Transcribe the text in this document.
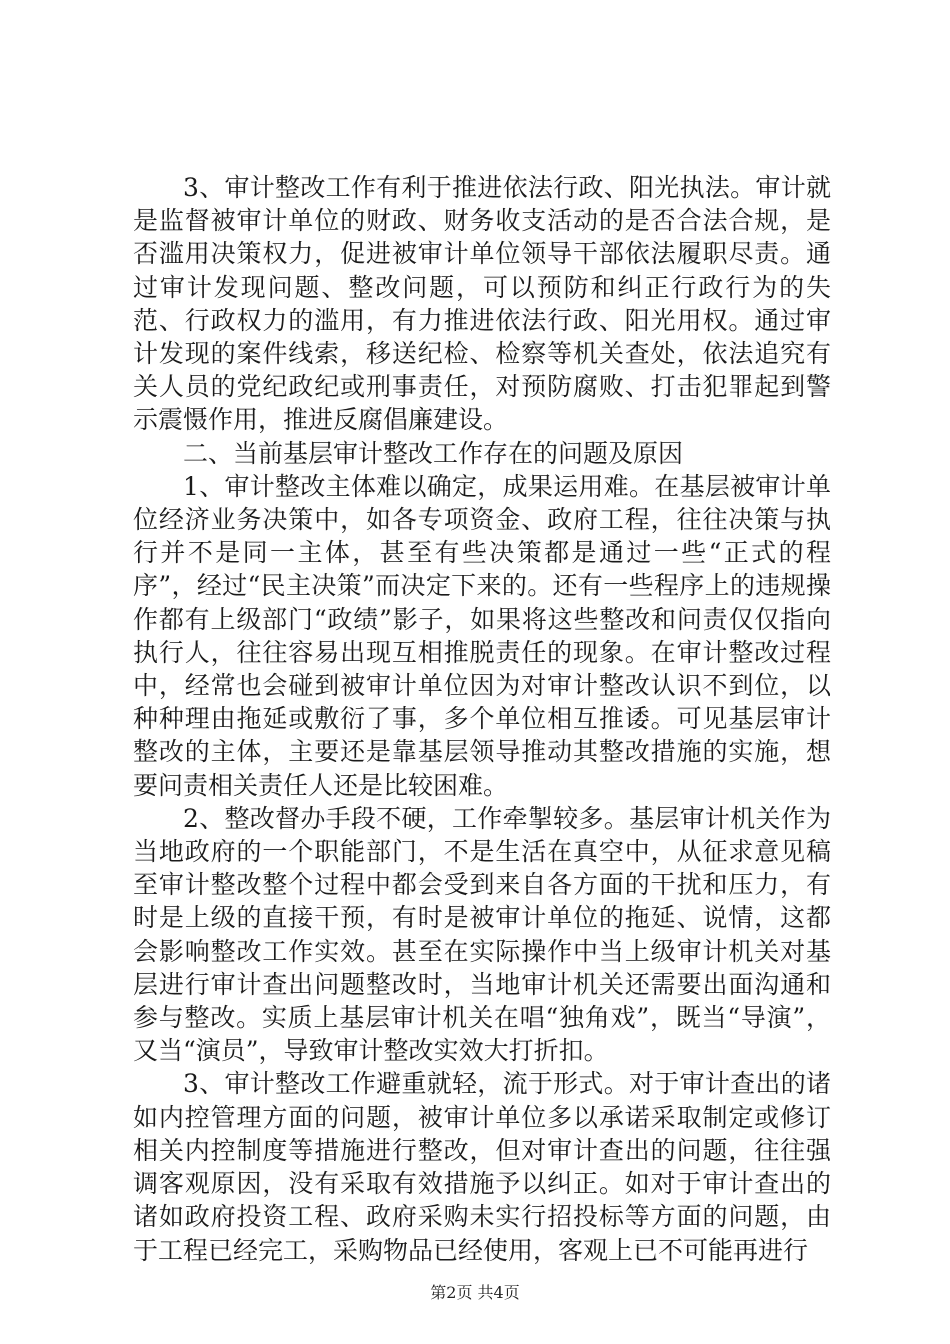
3、审计整改工作有利于推进依法行政、阳光执法。审计就是监督被审计单位的财政、财务收支活动的是否合法合规，是否滥用决策权力，促进被审计单位领导干部依法履职尽责。通过审计发现问题、整改问题，可以预防和纠正行政行为的失范、行政权力的滥用，有力推进依法行政、阳光用权。通过审计发现的案件线索，移送纪检、检察等机关查处，依法追究有关人员的党纪政纪或刑事责任，对预防腐败、打击犯罪起到警示震慑作用，推进反腐倡廉建设。

二、当前基层审计整改工作存在的问题及原因

1、审计整改主体难以确定，成果运用难。在基层被审计单位经济业务决策中，如各专项资金、政府工程，往往决策与执行并不是同一主体，甚至有些决策都是通过一些“正式的程序”，经过“民主决策”而决定下来的。还有一些程序上的违规操作都有上级部门“政绩”影子，如果将这些整改和问责仅仅指向执行人，往往容易出现互相推脱责任的现象。在审计整改过程中，经常也会碰到被审计单位因为对审计整改认识不到位，以种种理由拖延或敷衍了事，多个单位相互推诿。可见基层审计整改的主体，主要还是靠基层领导推动其整改措施的实施，想要问责相关责任人还是比较困难。

2、整改督办手段不硬，工作牵掣较多。基层审计机关作为当地政府的一个职能部门，不是生活在真空中，从征求意见稿至审计整改整个过程中都会受到来自各方面的干扰和压力，有时是上级的直接干预，有时是被审计单位的拖延、说情，这都会影响整改工作实效。甚至在实际操作中当上级审计机关对基层进行审计查出问题整改时，当地审计机关还需要出面沟通和参与整改。实质上基层审计机关在唱“独角戏”，既当“导演”，又当“演员”，导致审计整改实效大打折扣。

3、审计整改工作避重就轻，流于形式。对于审计查出的诸如内控管理方面的问题，被审计单位多以承诺采取制定或修订相关内控制度等措施进行整改，但对审计查出的问题，往往强调客观原因，没有采取有效措施予以纠正。如对于审计查出的诸如政府投资工程、政府采购未实行招投标等方面的问题，由于工程已经完工，采购物品已经使用，客观上已不可能再进行

第2页 共4页
